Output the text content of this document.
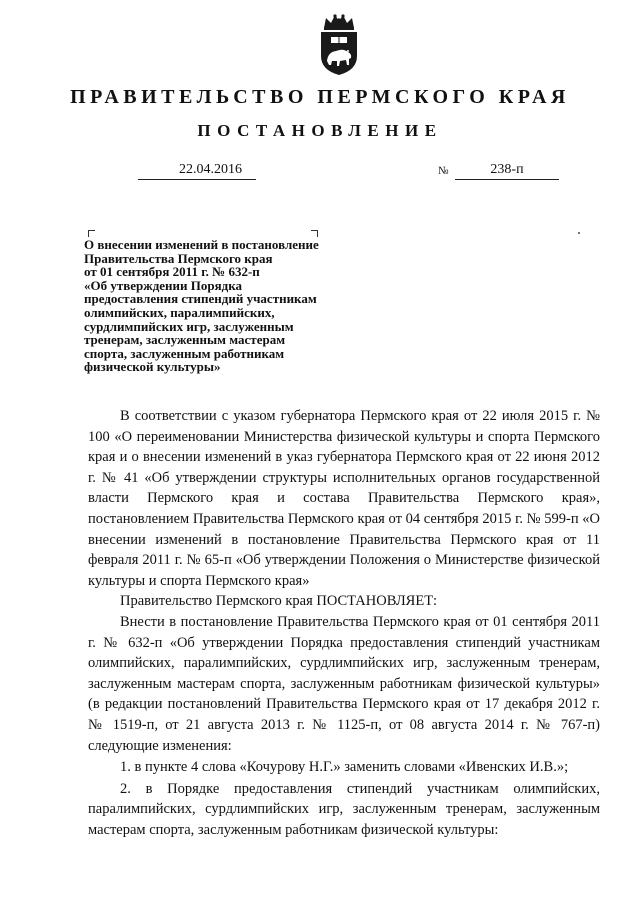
ПРАВИТЕЛЬСТВО ПЕРМСКОГО КРАЯ
ПОСТАНОВЛЕНИЕ
22.04.2016	№	238-п
О внесении изменений в постановление
Правительства Пермского края
от 01 сентября 2011 г. № 632-п
«Об утверждении Порядка
предоставления стипендий участникам
олимпийских, паралимпийских,
сурдлимпийских игр, заслуженным
тренерам, заслуженным мастерам
спорта, заслуженным работникам
физической культуры»

В соответствии с указом губернатора Пермского края от 22 июля 2015 г. № 100 «О переименовании Министерства физической культуры и спорта Пермского края и о внесении изменений в указ губернатора Пермского края от 22 июня 2012 г. № 41 «Об утверждении структуры исполнительных органов государственной власти Пермского края и состава Правительства Пермского края», постановлением Правительства Пермского края от 04 сентября 2015 г. № 599-п «О внесении изменений в постановление Правительства Пермского края от 11 февраля 2011 г. № 65-п «Об утверждении Положения о Министерстве физической культуры и спорта Пермского края»

Правительство Пермского края ПОСТАНОВЛЯЕТ:

Внести в постановление Правительства Пермского края от 01 сентября 2011 г. № 632-п «Об утверждении Порядка предоставления стипендий участникам олимпийских, паралимпийских, сурдлимпийских игр, заслуженным тренерам, заслуженным мастерам спорта, заслуженным работникам физической культуры» (в редакции постановлений Правительства Пермского края от 17 декабря 2012 г. № 1519-п, от 21 августа 2013 г. № 1125-п, от 08 августа 2014 г. № 767-п) следующие изменения:

1. в пункте 4 слова «Кочурову Н.Г.» заменить словами «Ивенских И.В.»;

2. в Порядке предоставления стипендий участникам олимпийских, паралимпийских, сурдлимпийских игр, заслуженным тренерам, заслуженным мастерам спорта, заслуженным работникам физической культуры:
